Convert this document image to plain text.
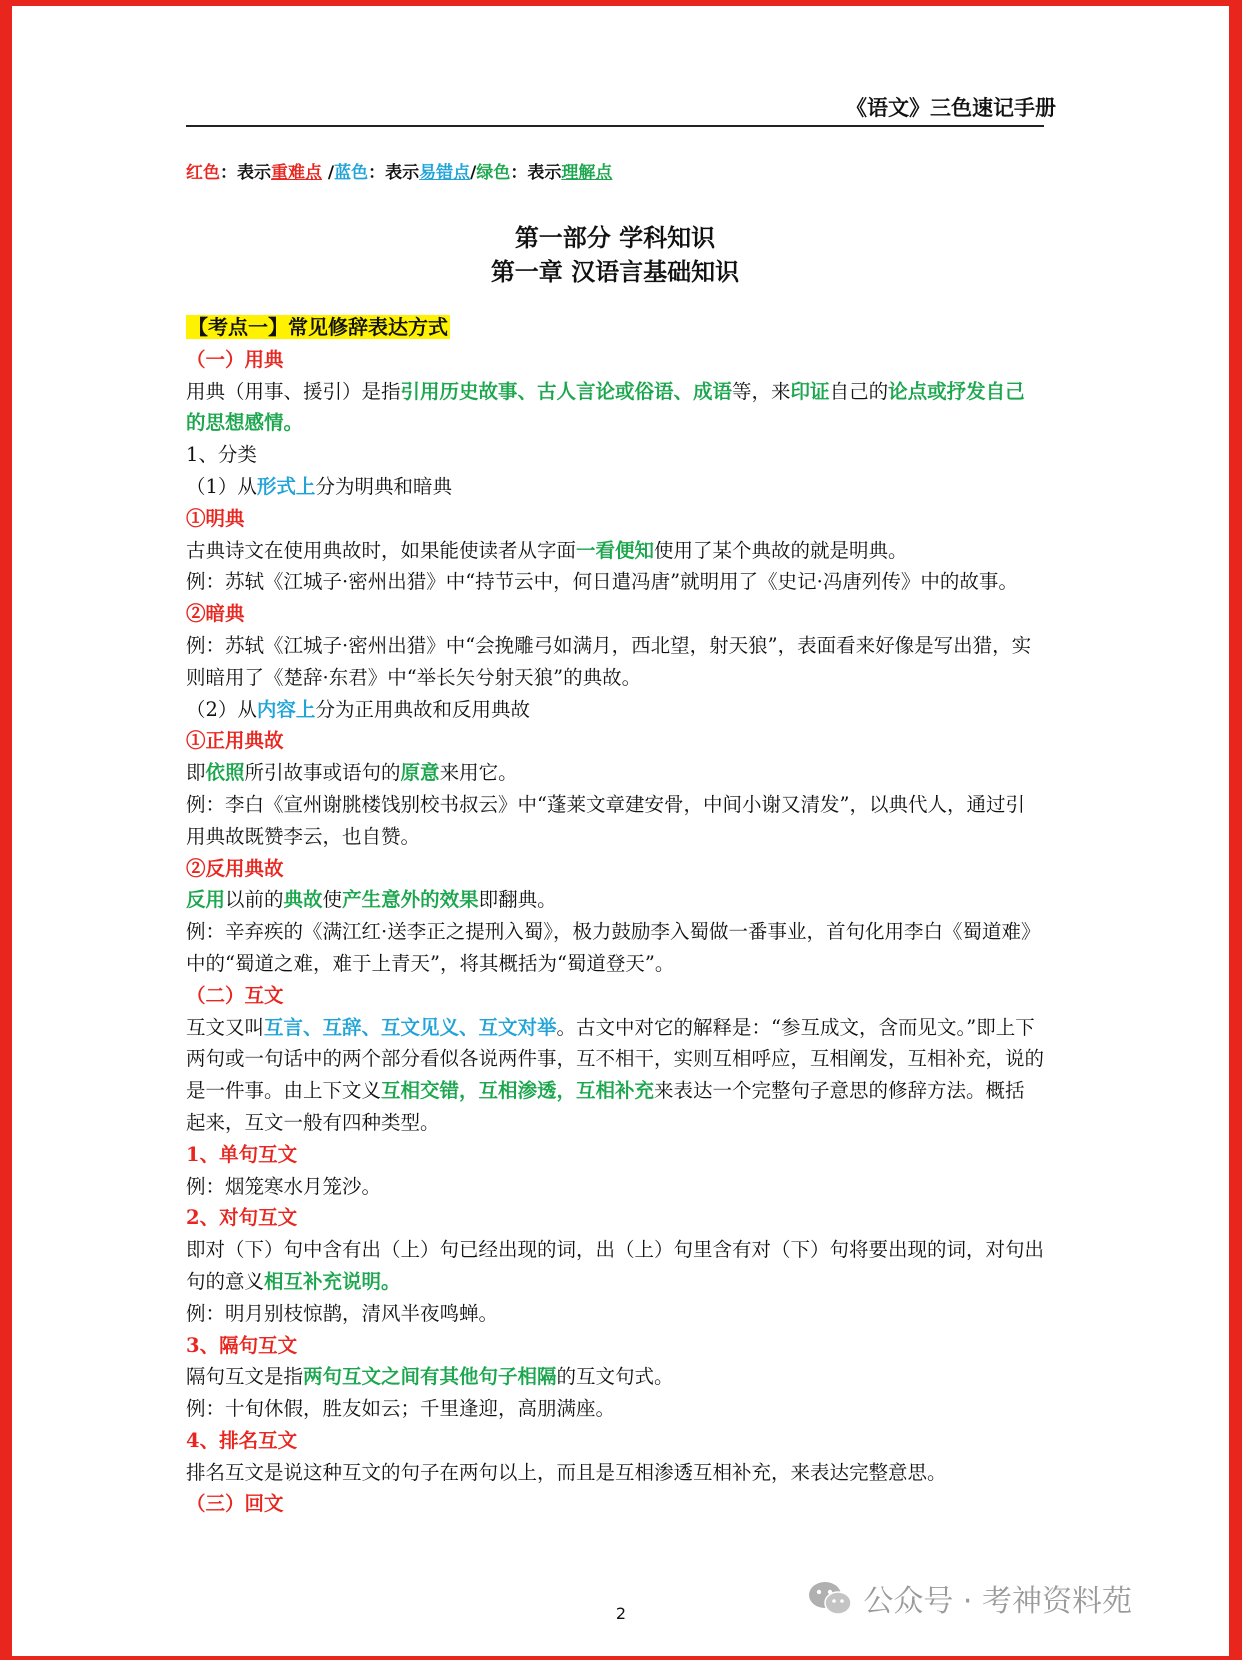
《语文》三色速记手册
红色：表示重难点 /蓝色：表示易错点/绿色：表示理解点
第一部分 学科知识
第一章 汉语言基础知识

【考点一】常见修辞表达方式

（一）用典

用典（用事、援引）是指引用历史故事、古人言论或俗语、成语等，来印证自己的论点或抒发自己的思想感情。

1、分类

（1）从形式上分为明典和暗典

①明典

古典诗文在使用典故时，如果能使读者从字面一看便知使用了某个典故的就是明典。

例：苏轼《江城子·密州出猎》中“持节云中，何日遣冯唐”就明用了《史记·冯唐列传》中的故事。

②暗典

例：苏轼《江城子·密州出猎》中“会挽雕弓如满月，西北望，射天狼”，表面看来好像是写出猎，实则暗用了《楚辞·东君》中“举长矢兮射天狼”的典故。

（2）从内容上分为正用典故和反用典故

①正用典故

即依照所引故事或语句的原意来用它。

例：李白《宣州谢朓楼饯别校书叔云》中“蓬莱文章建安骨，中间小谢又清发”，以典代人，通过引用典故既赞李云，也自赞。

②反用典故

反用以前的典故使产生意外的效果即翻典。

例：辛弃疾的《满江红·送李正之提刑入蜀》，极力鼓励李入蜀做一番事业，首句化用李白《蜀道难》中的“蜀道之难，难于上青天”，将其概括为“蜀道登天”。

（二）互文

互文又叫互言、互辞、互文见义、互文对举。古文中对它的解释是：“参互成文，含而见文。”即上下两句或一句话中的两个部分看似各说两件事，互不相干，实则互相呼应，互相阐发，互相补充，说的是一件事。由上下文义互相交错，互相渗透，互相补充来表达一个完整句子意思的修辞方法。概括起来，互文一般有四种类型。

1、单句互文

例：烟笼寒水月笼沙。

2、对句互文

即对（下）句中含有出（上）句已经出现的词，出（上）句里含有对（下）句将要出现的词，对句出句的意义相互补充说明。

例：明月别枝惊鹊，清风半夜鸣蝉。

3、隔句互文

隔句互文是指两句互文之间有其他句子相隔的互文句式。

例：十旬休假，胜友如云；千里逢迎，高朋满座。

4、排名互文

排名互文是说这种互文的句子在两句以上，而且是互相渗透互相补充，来表达完整意思。

（三）回文

2	公众号 · 考神资料苑
